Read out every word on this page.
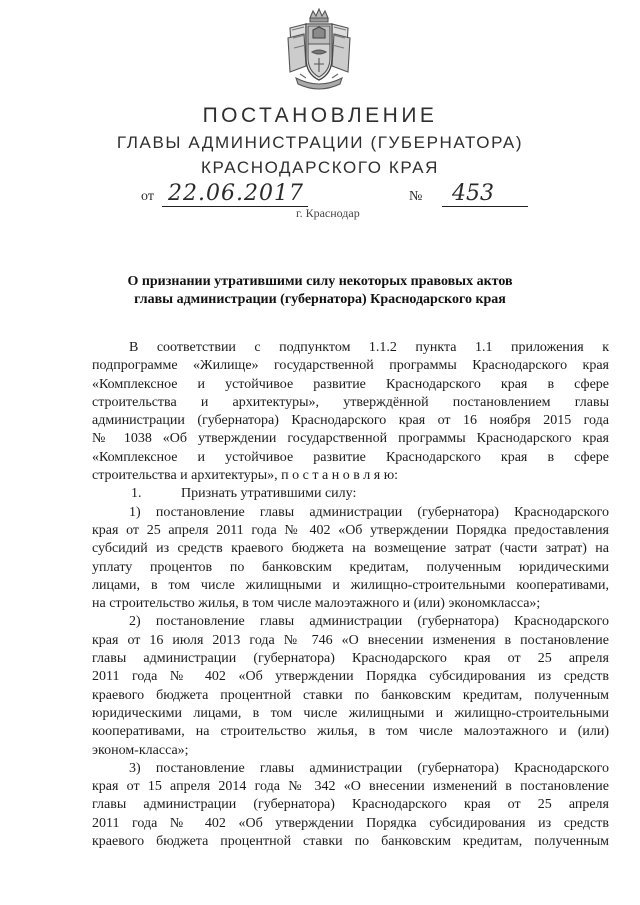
ПОСТАНОВЛЕНИЕ
ГЛАВЫ АДМИНИСТРАЦИИ (ГУБЕРНАТОРА)
КРАСНОДАРСКОГО КРАЯ
от 22.06.2017	№ 453
г. Краснодар
О признании утратившими силу некоторых правовых актов
главы администрации (губернатора) Краснодарского края
В соответствии с подпунктом 1.1.2 пункта 1.1 приложения к
подпрограмме «Жилище» государственной программы Краснодарского края
«Комплексное и устойчивое развитие Краснодарского края в сфере
строительства и архитектуры», утверждённой постановлением главы
администрации (губернатора) Краснодарского края от 16 ноября 2015 года
№ 1038 «Об утверждении государственной программы Краснодарского края
«Комплексное и устойчивое развитие Краснодарского края в сфере
строительства и архитектуры», п о с т а н о в л я ю:
1.	Признать утратившими силу:
1) постановление главы администрации (губернатора) Краснодарского
края от 25 апреля 2011 года № 402 «Об утверждении Порядка предоставления
субсидий из средств краевого бюджета на возмещение затрат (части затрат) на
уплату процентов по банковским кредитам, полученным юридическими
лицами, в том числе жилищными и жилищно-строительными кооперативами,
на строительство жилья, в том числе малоэтажного и (или) экономкласса»;
2) постановление главы администрации (губернатора) Краснодарского
края от 16 июля 2013 года № 746 «О внесении изменения в постановление
главы администрации (губернатора) Краснодарского края от 25 апреля
2011 года № 402 «Об утверждении Порядка субсидирования из средств
краевого бюджета процентной ставки по банковским кредитам, полученным
юридическими лицами, в том числе жилищными и жилищно-строительными
кооперативами, на строительство жилья, в том числе малоэтажного и (или)
эконом-класса»;
3) постановление главы администрации (губернатора) Краснодарского
края от 15 апреля 2014 года № 342 «О внесении изменений в постановление
главы администрации (губернатора) Краснодарского края от 25 апреля
2011 года № 402 «Об утверждении Порядка субсидирования из средств
краевого бюджета процентной ставки по банковским кредитам, полученным
